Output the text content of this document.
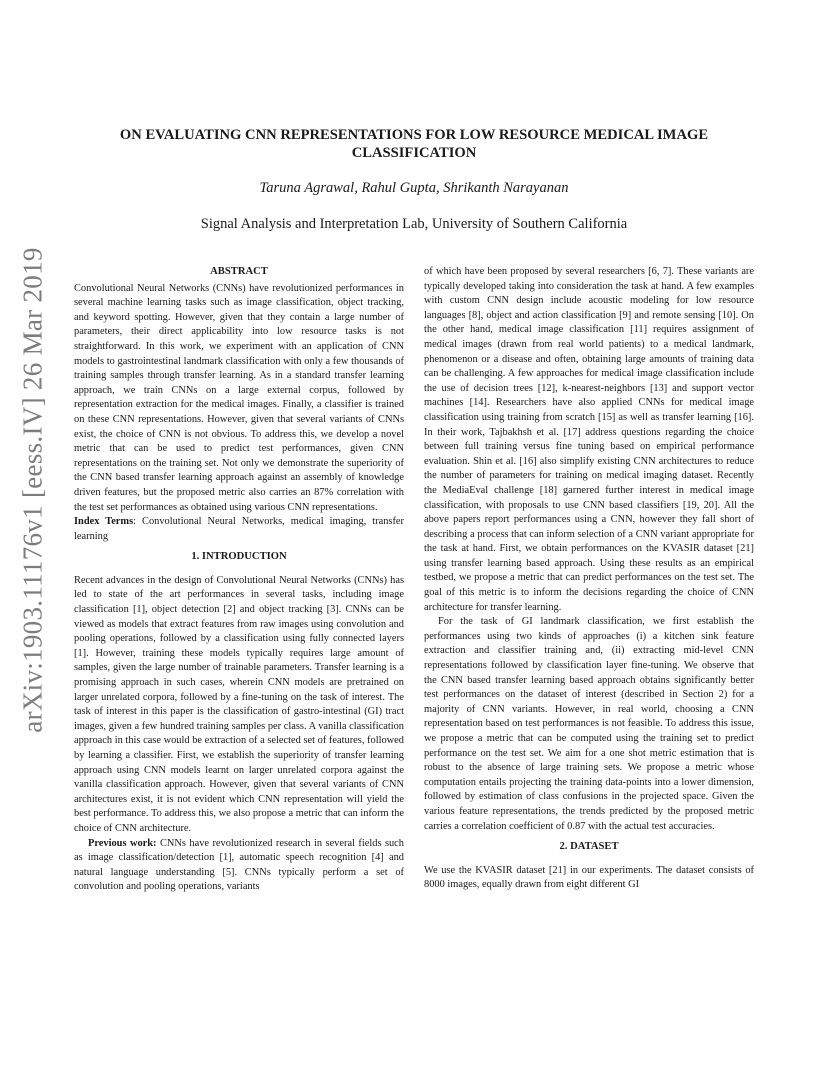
arXiv:1903.11176v1 [eess.IV] 26 Mar 2019
ON EVALUATING CNN REPRESENTATIONS FOR LOW RESOURCE MEDICAL IMAGE CLASSIFICATION
Taruna Agrawal, Rahul Gupta, Shrikanth Narayanan
Signal Analysis and Interpretation Lab, University of Southern California
ABSTRACT

Convolutional Neural Networks (CNNs) have revolutionized performances in several machine learning tasks such as image classification, object tracking, and keyword spotting. However, given that they contain a large number of parameters, their direct applicability into low resource tasks is not straightforward. In this work, we experiment with an application of CNN models to gastrointestinal landmark classification with only a few thousands of training samples through transfer learning. As in a standard transfer learning approach, we train CNNs on a large external corpus, followed by representation extraction for the medical images. Finally, a classifier is trained on these CNN representations. However, given that several variants of CNNs exist, the choice of CNN is not obvious. To address this, we develop a novel metric that can be used to predict test performances, given CNN representations on the training set. Not only we demonstrate the superiority of the CNN based transfer learning approach against an assembly of knowledge driven features, but the proposed metric also carries an 87% correlation with the test set performances as obtained using various CNN representations.

Index Terms: Convolutional Neural Networks, medical imaging, transfer learning

1. INTRODUCTION

Recent advances in the design of Convolutional Neural Networks (CNNs) has led to state of the art performances in several tasks, including image classification [1], object detection [2] and object tracking [3]. CNNs can be viewed as models that extract features from raw images using convolution and pooling operations, followed by a classification using fully connected layers [1]. However, training these models typically requires large amount of samples, given the large number of trainable parameters. Transfer learning is a promising approach in such cases, wherein CNN models are pretrained on larger unrelated corpora, followed by a fine-tuning on the task of interest. The task of interest in this paper is the classification of gastro-intestinal (GI) tract images, given a few hundred training samples per class. A vanilla classification approach in this case would be extraction of a selected set of features, followed by learning a classifier. First, we establish the superiority of transfer learning approach using CNN models learnt on larger unrelated corpora against the vanilla classification approach. However, given that several variants of CNN architectures exist, it is not evident which CNN representation will yield the best performance. To address this, we also propose a metric that can inform the choice of CNN architecture.

Previous work: CNNs have revolutionized research in several fields such as image classification/detection [1], automatic speech recognition [4] and natural language understanding [5]. CNNs typically perform a set of convolution and pooling operations, variants

of which have been proposed by several researchers [6, 7]. These variants are typically developed taking into consideration the task at hand. A few examples with custom CNN design include acoustic modeling for low resource languages [8], object and action classification [9] and remote sensing [10]. On the other hand, medical image classification [11] requires assignment of medical images (drawn from real world patients) to a medical landmark, phenomenon or a disease and often, obtaining large amounts of training data can be challenging. A few approaches for medical image classification include the use of decision trees [12], k-nearest-neighbors [13] and support vector machines [14]. Researchers have also applied CNNs for medical image classification using training from scratch [15] as well as transfer learning [16]. In their work, Tajbakhsh et al. [17] address questions regarding the choice between full training versus fine tuning based on empirical performance evaluation. Shin et al. [16] also simplify existing CNN architectures to reduce the number of parameters for training on medical imaging dataset. Recently the MediaEval challenge [18] garnered further interest in medical image classification, with proposals to use CNN based classifiers [19, 20]. All the above papers report performances using a CNN, however they fall short of describing a process that can inform selection of a CNN variant appropriate for the task at hand. First, we obtain performances on the KVASIR dataset [21] using transfer learning based approach. Using these results as an empirical testbed, we propose a metric that can predict performances on the test set. The goal of this metric is to inform the decisions regarding the choice of CNN architecture for transfer learning.

For the task of GI landmark classification, we first establish the performances using two kinds of approaches (i) a kitchen sink feature extraction and classifier training and, (ii) extracting mid-level CNN representations followed by classification layer fine-tuning. We observe that the CNN based transfer learning based approach obtains significantly better test performances on the dataset of interest (described in Section 2) for a majority of CNN variants. However, in real world, choosing a CNN representation based on test performances is not feasible. To address this issue, we propose a metric that can be computed using the training set to predict performance on the test set. We aim for a one shot metric estimation that is robust to the absence of large training sets. We propose a metric whose computation entails projecting the training data-points into a lower dimension, followed by estimation of class confusions in the projected space. Given the various feature representations, the trends predicted by the proposed metric carries a correlation coefficient of 0.87 with the actual test accuracies.

2. DATASET

We use the KVASIR dataset [21] in our experiments. The dataset consists of 8000 images, equally drawn from eight different GI
